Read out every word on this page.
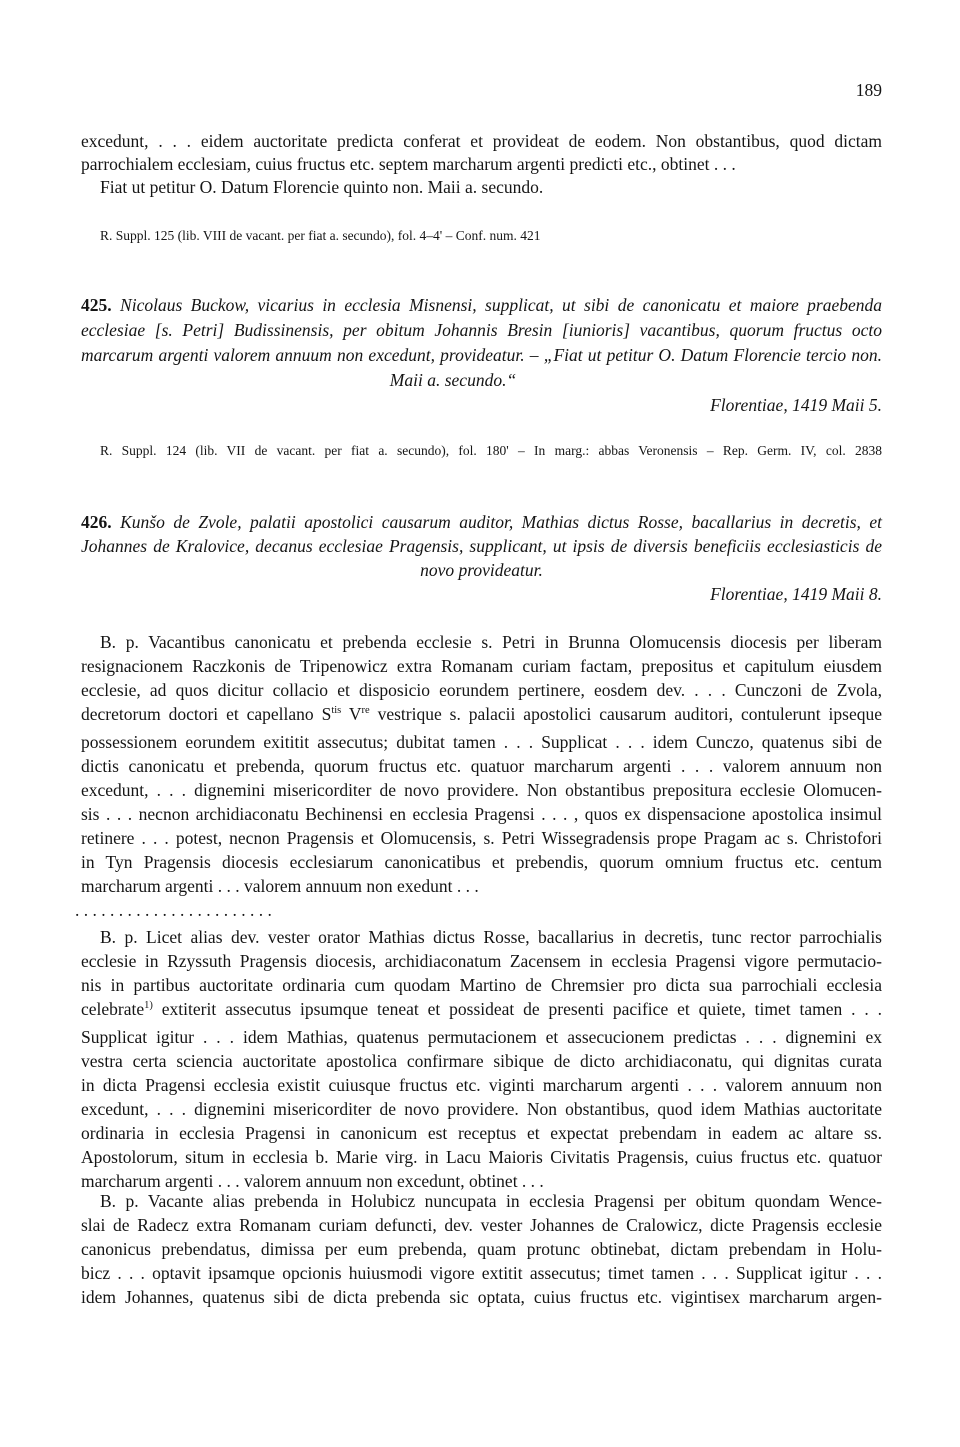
189
excedunt, . . . eidem auctoritate predicta conferat et provideat de eodem. Non obstantibus, quod dictam
parrochialem ecclesiam, cuius fructus etc. septem marcharum argenti predicti etc., obtinet . . .
Fiat ut petitur O. Datum Florencie quinto non. Maii a. secundo.
R. Suppl. 125 (lib. VIII de vacant. per fiat a. secundo), fol. 4–4' – Conf. num. 421
425. Nicolaus Buckow, vicarius in ecclesia Misnensi, supplicat, ut sibi de canonicatu et maiore praebenda
ecclesiae [s. Petri] Budissinensis, per obitum Johannis Bresin [iunioris] vacantibus, quorum fructus octo
marcarum argenti valorem annuum non excedunt, provideatur. – „Fiat ut petitur O. Datum Florencie tercio non.
Maii a. secundo.“
Florentiae, 1419 Maii 5.
R. Suppl. 124 (lib. VII de vacant. per fiat a. secundo), fol. 180' – In marg.: abbas Veronensis – Rep. Germ. IV, col. 2838
426. Kunšo de Zvole, palatii apostolici causarum auditor, Mathias dictus Rosse, bacallarius in decretis, et
Johannes de Kralovice, decanus ecclesiae Pragensis, supplicant, ut ipsis de diversis beneficiis ecclesiasticis de
novo provideatur.
Florentiae, 1419 Maii 8.
B. p. Vacantibus canonicatu et prebenda ecclesie s. Petri in Brunna Olomucensis diocesis per liberam
resignacionem Raczkonis de Tripenowicz extra Romanam curiam factam, prepositus et capitulum eiusdem
ecclesie, ad quos dicitur collacio et disposicio eorundem pertinere, eosdem dev. . . . Cunczoni de Zvola,
decretorum doctori et capellano $S^{tis}$ Vre vestrique s. palacii apostolici causarum auditori, contulerunt ipseque
possessionem eorundem exititit assecutus; dubitat tamen . . . Supplicat . . . idem Cunczo, quatenus sibi de
dictis canonicatu et prebenda, quorum fructus etc. quatuor marcharum argenti . . . valorem annuum non
excedunt, . . . dignemini misericorditer de novo providere. Non obstantibus prepositura ecclesie Olomucen-
sis . . . necnon archidiaconatu Bechinensi en ecclesia Pragensi . . . , quos ex dispensacione apostolica insimul
retinere . . . potest, necnon Pragensis et Olomucensis, s. Petri Wissegradensis prope Pragam ac s. Christofori
in Tyn Pragensis diocesis ecclesiarum canonicatibus et prebendis, quorum omnium fructus etc. centum
marcharum argenti . . . valorem annuum non exedunt . . .
. . . . . . . . . . . . . . . . . . . . . . .
B. p. Licet alias dev. vester orator Mathias dictus Rosse, bacallarius in decretis, tunc rector parrochialis
ecclesie in Rzyssuth Pragensis diocesis, archidiaconatum Zacensem in ecclesia Pragensi vigore permutacio-
nis in partibus auctoritate ordinaria cum quodam Martino de Chremsier pro dicta sua parrochiali ecclesia
celebrate$^{1)}$ extiterit assecutus ipsumque teneat et possideat de presenti pacifice et quiete, timet tamen . . .
Supplicat igitur . . . idem Mathias, quatenus permutacionem et assecucionem predictas . . . dignemini ex
vestra certa sciencia auctoritate apostolica confirmare sibique de dicto archidiaconatu, qui dignitas curata
in dicta Pragensi ecclesia existit cuiusque fructus etc. viginti marcharum argenti . . . valorem annuum non
excedunt, . . . dignemini misericorditer de novo providere. Non obstantibus, quod idem Mathias auctoritate
ordinaria in ecclesia Pragensi in canonicum est receptus et expectat prebendam in eadem ac altare ss.
Apostolorum, situm in ecclesia b. Marie virg. in Lacu Maioris Civitatis Pragensis, cuius fructus etc. quatuor
marcharum argenti . . . valorem annuum non excedunt, obtinet . . .
B. p. Vacante alias prebenda in Holubicz nuncupata in ecclesia Pragensi per obitum quondam Wence-
slai de Radecz extra Romanam curiam defuncti, dev. vester Johannes de Cralowicz, dicte Pragensis ecclesie
canonicus prebendatus, dimissa per eum prebenda, quam protunc obtinebat, dictam prebendam in Holu-
bicz . . . optavit ipsamque opcionis huiusmodi vigore extitit assecutus; timet tamen . . . Supplicat igitur . . .
idem Johannes, quatenus sibi de dicta prebenda sic optata, cuius fructus etc. vigintisex marcharum argen-
